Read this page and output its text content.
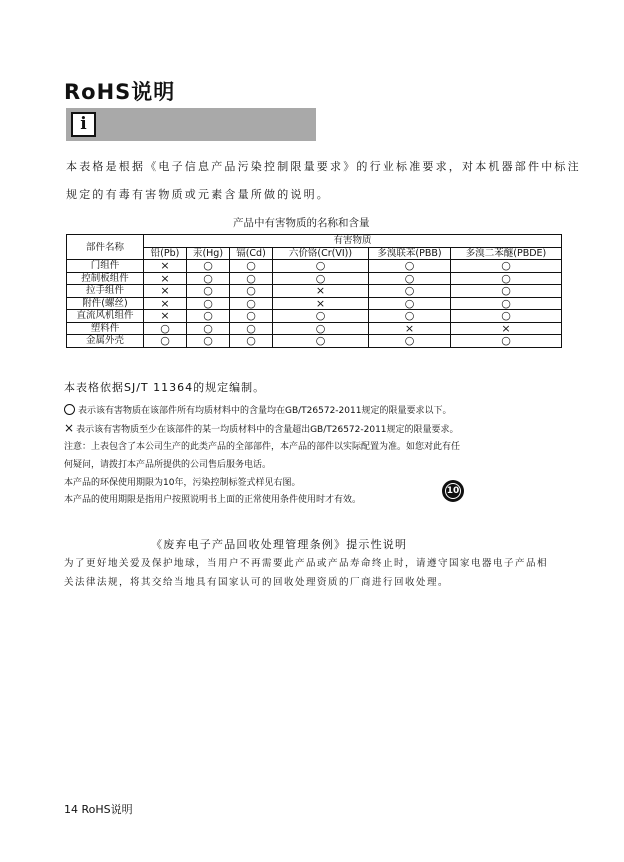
RoHS说明
i
本表格是根据《电子信息产品污染控制限量要求》的行业标准要求，对本机器部件中标注
规定的有毒有害物质或元素含量所做的说明。
产品中有害物质的名称和含量
部件名称	有害物质					
	铅(Pb)	汞(Hg)	镉(Cd)	六价铬(Cr(VI))	多溴联苯(PBB)	多溴二苯醚(PBDE)
门组件	×	○	○	○	○	○
控制板组件	×	○	○	○	○	○
拉手组件	×	○	○	×	○	○
附件(螺丝)	×	○	○	×	○	○
直流风机组件	×	○	○	○	○	○
塑料件	○	○	○	○	×	×
金属外壳	○	○	○	○	○	○
本表格依据SJ/T 11364的规定编制。
表示该有害物质在该部件所有均质材料中的含量均在GB/T26572-2011规定的限量要求以下。
× 表示该有害物质至少在该部件的某一均质材料中的含量超出GB/T26572-2011规定的限量要求。
注意：上表包含了本公司生产的此类产品的全部部件，本产品的部件以实际配置为准。如您对此有任
何疑问，请拨打本产品所提供的公司售后服务电话。
本产品的环保使用期限为10年，污染控制标签式样见右图。
本产品的使用期限是指用户按照说明书上面的正常使用条件使用时才有效。
10
《废弃电子产品回收处理管理条例》提示性说明
为了更好地关爱及保护地球，当用户不再需要此产品或产品寿命终止时，请遵守国家电器电子产品相
关法律法规，将其交给当地具有国家认可的回收处理资质的厂商进行回收处理。
14 RoHS说明
